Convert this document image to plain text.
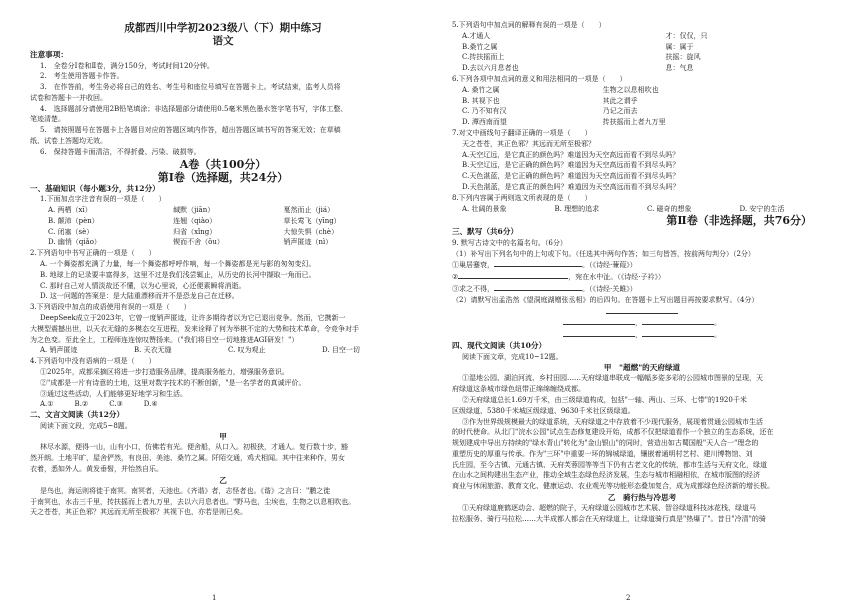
成都西川中学初2023级八（下）期中练习
语文
注意事项：
1.　全卷分Ⅰ卷和Ⅱ卷，满分150分，考试时间120分钟。
2.　考生使用答题卡作答。
3.　在作答前，考生务必将自己的姓名、考生号和座位号填写在答题卡上。考试结束，监考人员将
试卷和答题卡一并收回。
4.　选择题部分请使用2B铅笔填涂；非选择题部分请使用0.5毫米黑色墨水签字笔书写，字体工整、
笔迹清楚。
5.　请按照题号在答题卡上各题目对应的答题区域内作答，超出答题区域书写的答案无效；在草稿
纸、试卷上答题均无效。
6.　保持答题卡面清洁，不得折叠、污染、破损等。
A卷（共100分）
第Ⅰ卷（选择题，共24分）
一、基础知识（每小题3分，共12分）
1.下面加点字注音有误的一项是（　　）
A. 两栖（xī）	缄默（jiān）	戛然而止（jiá）
B. 颠沛（pèn）	连翘（qiào）	草长莺飞（yīng）
C. 闭塞（sè）	归省（xǐng）	大惊失惧（chè）
D. 幽悄（qiǎo）	锲而不舍（ǒu）	销声匿迹（nì）
2.下列语句中书写正确的一项是（　　）
A. 一个舞姿都充满了力量，每一个舞姿都呼呼作响，每一个舞姿都是光与影的匆匆变幻。
B. 地球上的记录要丰富得多，这里不过是我们浅尝辄止，从历史的长河中撷取一角而已。
C. 那时自己对人情淡故还不懂，以为心里说，心还便素瞬将消逝。
D. 这一问题的答案是：是大陆重漂移而并不是恐龙自己在迁移。
3.下列语段中加点的成语使用有误的一项是（　　）
DeepSeek成立于2023年，它曾一度销声匿迹，让许多期待者以为它已退出竞争。然而，它携新一
大模型震撼出世，以天衣无缝的多模态交互进程，发来诠释了何为举棋不定的大势和技术革命，令竞争对手
为之色变。至此全上，工程师连连惊叹赞扬来。（"我们将目空一切地推进AGI研发！"）
A. 销声匿迹	B. 天衣无缝	C. 叹为观止	D. 目空一切
4.下列语句中没有语病的一项是（　　）
①2025年，成都采摘区将进一步打造服务品牌，提高服务能力，增强服务意识。
②"成都是一片有诗意的土地，这里对数字技术的不断创新，"是一名学者的真诚评价。
③通过这些活动，人们能够更好地学习和生活。
A.①　　　B.②　　　C.③　　　D.④
二、文言文阅读（共12分）
阅读下面文段，完成5~8题。
甲
林尽水源，便得一山，山有小口，仿佛若有光。便舍船，从口入。初极狭，才通人。复行数十步，豁
然开朗。土地平旷，屋舍俨然，有良田、美池、桑竹之属。阡陌交通，鸡犬相闻。其中往来种作，男女
衣着，悉如外人。黄发垂髫，并怡然自乐。
乙
是鸟也，海运则将徙于南冥。南冥者，天池也。《齐谐》者，志怪者也。《谐》之言曰："鹏之徙
于南冥也，水击三千里，抟扶摇而上者九万里，去以六月息者也。"野马也，尘埃也，生物之以息相吹也。
天之苍苍，其正色邪？其远而无所至极邪？其视下也，亦若是则已矣。
1
5.下列语句中加点词的解释有误的一项是（　　）
A.才通人	才：仅仅，只
B.桑竹之属	属：属于
C.抟扶摇而上	扶摇：旋风
D.去以六月息者也	息：气息
6.下列各项中加点词的意义和用法相同的一项是（　　）
A. 桑竹之属	生物之以息相吹也
B. 其视下也	其此之谓乎
C. 乃不知有汉	乃记之而去
D. 潭西南而望	抟扶摇而上者九万里
7.对文中画线句子翻译正确的一项是（　　）
天之苍苍，其正色邪？其远而无所至极邪？
A.天空辽远，是它真正的颜色吗？难道因为天空高远而看不到尽头吗？
B.天空辽远，是它正确的颜色吗？难道因为天空高远而看不到尽头吗？
C.天色湛蓝，是它正确的颜色吗？难道因为天空高远而看不到尽头吗？
D.天色湛蓝，是它真正的颜色吗？难道因为天空高远而看不到尽头吗？
8.下列内容属于两则选文所表现的是（　　）
A. 壮阔的景象	B. 理想的追求	C. 磁奇的想象	D. 安宁的生活
第Ⅱ卷（非选择题，共76分）
三、默写（共6分）
9. 默写古诗文中的名篇名句。（6分）
（1）补写出下列名句中的上句或下句。（任选其中两句作答；如三句皆答，按前两句判分）（2分）
①巢居蹇衰，	。（《诗经·蒹葭》）
②	，宛在水中沚。（《诗经·子衿》）
③求之不得，	。（《诗经·关雎》）
（2）请默写出孟浩然《望洞庭湖赠张丞相》的后四句。在答题卡上写出题目再按要求默写。（4分）
，	。
，	。
四、现代文阅读（共10分）
阅读下面文章，完成10~12题。
甲　"超燃"的天府绿道
①湿地公园、湖泊河流、乡村田园……天府绿道串联成一幅幅多姿多彩的公园城市图景的呈现，天
府绿道这条城市绿色纽带正绵绵缠绕成都。
②天府绿道总长1.69万千米，由三级绿道构成，包括"一轴、两山、三环、七带"的1920千米
区级绿道、5380千米城区级绿道、9630千米社区级绿道。
③作为世界级规模最大的绿道系统，天府绿道之中存放着不少现代服务，展现着贯通公园城市生活
的时代使命。从北门"浣水公园"试点生态修复建设开始，成都不仅把绿道看作一个独立的生态系统，还在
规划建成中导出方持续的"绿水青山"转化为"金山银山"的同时，营造出如古蜀国般"天人合一"理念的
重塑历史的厚重与传承。作为"三环"中重要一环的锦城绿道，镶嵌着通明村艺村、建川博物馆、刘
氏庄园，至今古镇、元通古镇、天府芙蓉园等等当下仍有古老文化的传统，都市生活与天府文化，绿道
在山水之间构建出生态产业，推动全域生态绿色经济发展，生态与城市相融相依，在城市版图的经济
商业与休闲旅游、教育文化、健康运动、农业观光等功能形态叠加复合，成为成都绿色经济新的增长极。
乙　骑行热与冷思考
①天府绿道鹿鹤逐动会、超燃的院子，天府绿道公园城市艺术展、智谷绿道科技冰花栈、绿道马
拉松服务、骑行马拉松……大半成都人都会在天府绿道上，让绿道骑行真是"热爆了"。昔日"冷清"的骑
2
